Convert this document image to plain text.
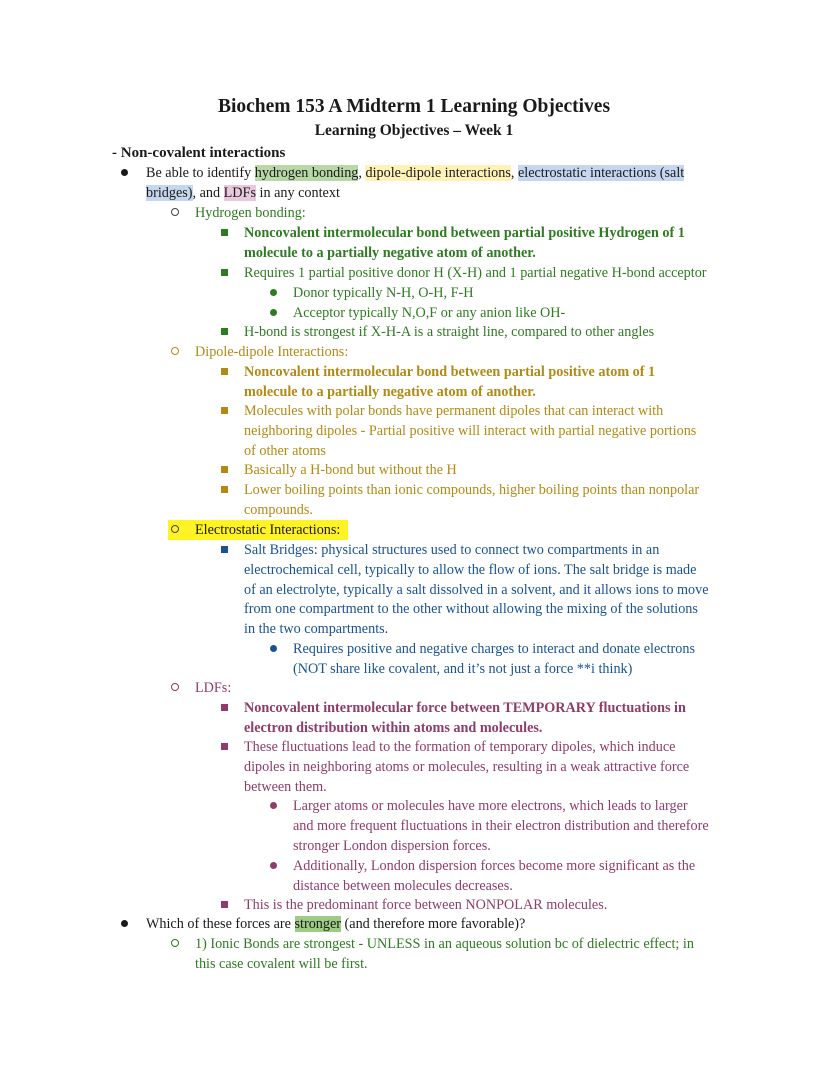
Biochem 153 A Midterm 1 Learning Objectives
Learning Objectives – Week 1
- Non-covalent interactions
Be able to identify hydrogen bonding, dipole-dipole interactions, electrostatic interactions (salt
bridges), and LDFs in any context
Hydrogen bonding:
Noncovalent intermolecular bond between partial positive Hydrogen of 1
molecule to a partially negative atom of another.
Requires 1 partial positive donor H (X-H) and 1 partial negative H-bond acceptor
Donor typically N-H, O-H, F-H
Acceptor typically N,O,F or any anion like OH-
H-bond is strongest if X-H-A is a straight line, compared to other angles
Dipole-dipole Interactions:
Noncovalent intermolecular bond between partial positive atom of 1
molecule to a partially negative atom of another.
Molecules with polar bonds have permanent dipoles that can interact with
neighboring dipoles - Partial positive will interact with partial negative portions
of other atoms
Basically a H-bond but without the H
Lower boiling points than ionic compounds, higher boiling points than nonpolar
compounds.
Electrostatic Interactions:
Salt Bridges: physical structures used to connect two compartments in an
electrochemical cell, typically to allow the flow of ions. The salt bridge is made
of an electrolyte, typically a salt dissolved in a solvent, and it allows ions to move
from one compartment to the other without allowing the mixing of the solutions
in the two compartments.
Requires positive and negative charges to interact and donate electrons
(NOT share like covalent, and it’s not just a force **i think)
LDFs:
Noncovalent intermolecular force between TEMPORARY fluctuations in
electron distribution within atoms and molecules.
These fluctuations lead to the formation of temporary dipoles, which induce
dipoles in neighboring atoms or molecules, resulting in a weak attractive force
between them.
Larger atoms or molecules have more electrons, which leads to larger
and more frequent fluctuations in their electron distribution and therefore
stronger London dispersion forces.
Additionally, London dispersion forces become more significant as the
distance between molecules decreases.
This is the predominant force between NONPOLAR molecules.
Which of these forces are stronger (and therefore more favorable)?
1) Ionic Bonds are strongest - UNLESS in an aqueous solution bc of dielectric effect; in
this case covalent will be first.
